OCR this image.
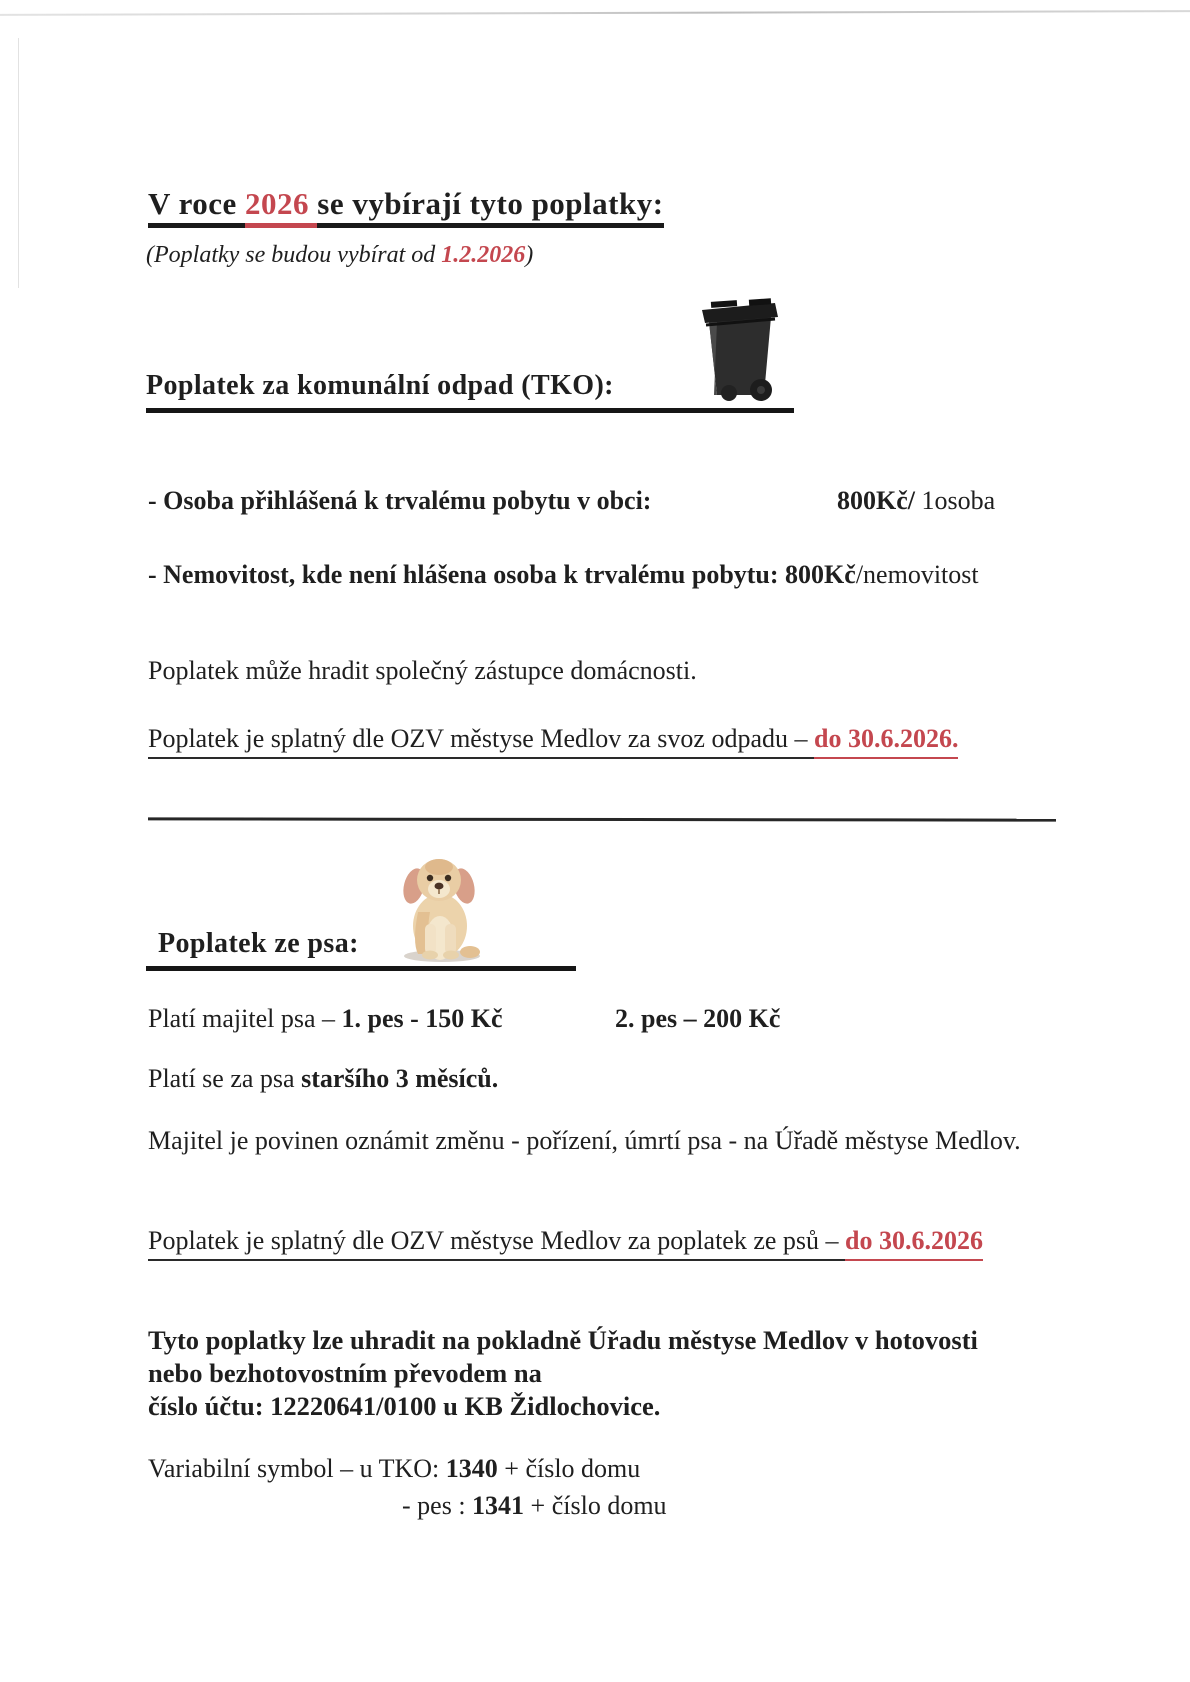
V roce 2026 se vybírají tyto poplatky:
(Poplatky se budou vybírat od 1.2.2026)
Poplatek za komunální odpad (TKO):
- Osoba přihlášená k trvalému pobytu v obci:	800Kč/ 1osoba
- Nemovitost, kde není hlášena osoba k trvalému pobytu: 800Kč/nemovitost
Poplatek může hradit společný zástupce domácnosti.
Poplatek je splatný dle OZV městyse Medlov za svoz odpadu – do 30.6.2026.
Poplatek ze psa:
Platí majitel psa – 1. pes - 150 Kč	2. pes – 200 Kč
Platí se za psa staršího 3 měsíců.
Majitel je povinen oznámit změnu - pořízení, úmrtí psa - na Úřadě městyse Medlov.
Poplatek je splatný dle OZV městyse Medlov za poplatek ze psů – do 30.6.2026
Tyto poplatky lze uhradit na pokladně Úřadu městyse Medlov v hotovosti
nebo bezhotovostním převodem na
číslo účtu: 12220641/0100 u KB Židlochovice.
Variabilní symbol – u TKO: 1340 + číslo domu
- pes : 1341 + číslo domu
